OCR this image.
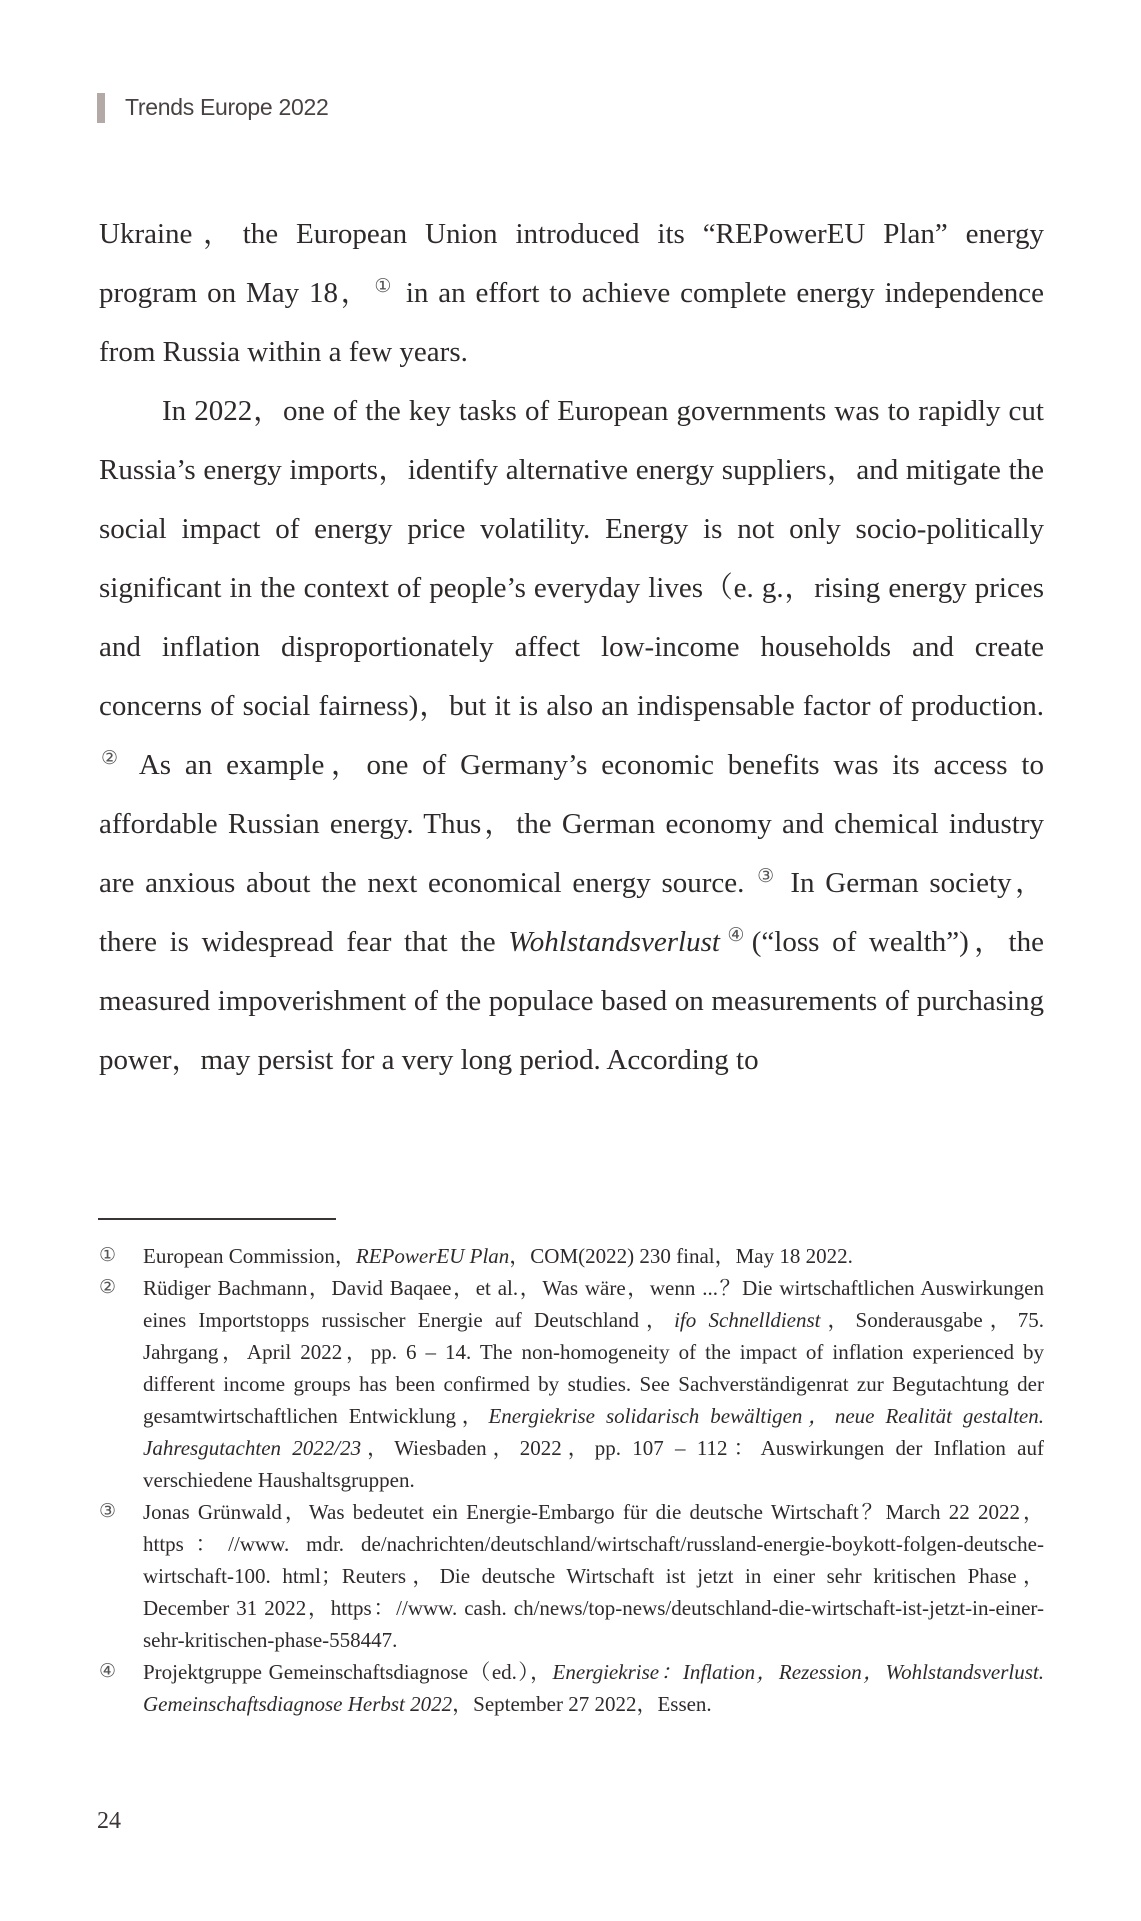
Trends Europe 2022

Ukraine，the European Union introduced its “REPowerEU Plan” energy program on May 18， ① in an effort to achieve complete energy independence from Russia within a few years.

In 2022，one of the key tasks of European governments was to rapidly cut Russia’s energy imports，identify alternative energy suppliers，and mitigate the social impact of energy price volatility. Energy is not only socio-politically significant in the context of people’s everyday lives（e. g.，rising energy prices and inflation disproportionately affect low-income households and create concerns of social fairness)，but it is also an indispensable factor of production. ② As an example，one of Germany’s economic benefits was its access to affordable Russian energy. Thus，the German economy and chemical industry are anxious about the next economical energy source. ③ In German society，there is widespread fear that the Wohlstandsverlust ④(“loss of wealth”)，the measured impoverishment of the populace based on measurements of purchasing power，may persist for a very long period. According to

①	European Commission，REPowerEU Plan，COM(2022) 230 final，May 18 2022.
②	Rüdiger Bachmann，David Baqaee，et al.，Was wäre，wenn ...？Die wirtschaftlichen Auswirkungen eines Importstopps russischer Energie auf Deutschland，ifo Schnelldienst，Sonderausgabe，75. Jahrgang，April 2022，pp. 6 – 14. The non-homogeneity of the impact of inflation experienced by different income groups has been confirmed by studies. See Sachverständigenrat zur Begutachtung der gesamtwirtschaftlichen Entwicklung，Energiekrise solidarisch bewältigen，neue Realität gestalten. Jahresgutachten 2022/23，Wiesbaden，2022，pp. 107 – 112：Auswirkungen der Inflation auf verschiedene Haushaltsgruppen.
③	Jonas Grünwald，Was bedeutet ein Energie-Embargo für die deutsche Wirtschaft？March 22 2022，https：//www. mdr. de/nachrichten/deutschland/wirtschaft/russland-energie-boykott-folgen-deutsche-wirtschaft-100. html；Reuters，Die deutsche Wirtschaft ist jetzt in einer sehr kritischen Phase，December 31 2022，https：//www. cash. ch/news/top-news/deutschland-die-wirtschaft-ist-jetzt-in-einer-sehr-kritischen-phase-558447.
④	Projektgruppe Gemeinschaftsdiagnose（ed.），Energiekrise：Inflation，Rezession，Wohlstandsverlust. Gemeinschaftsdiagnose Herbst 2022，September 27 2022，Essen.
24
